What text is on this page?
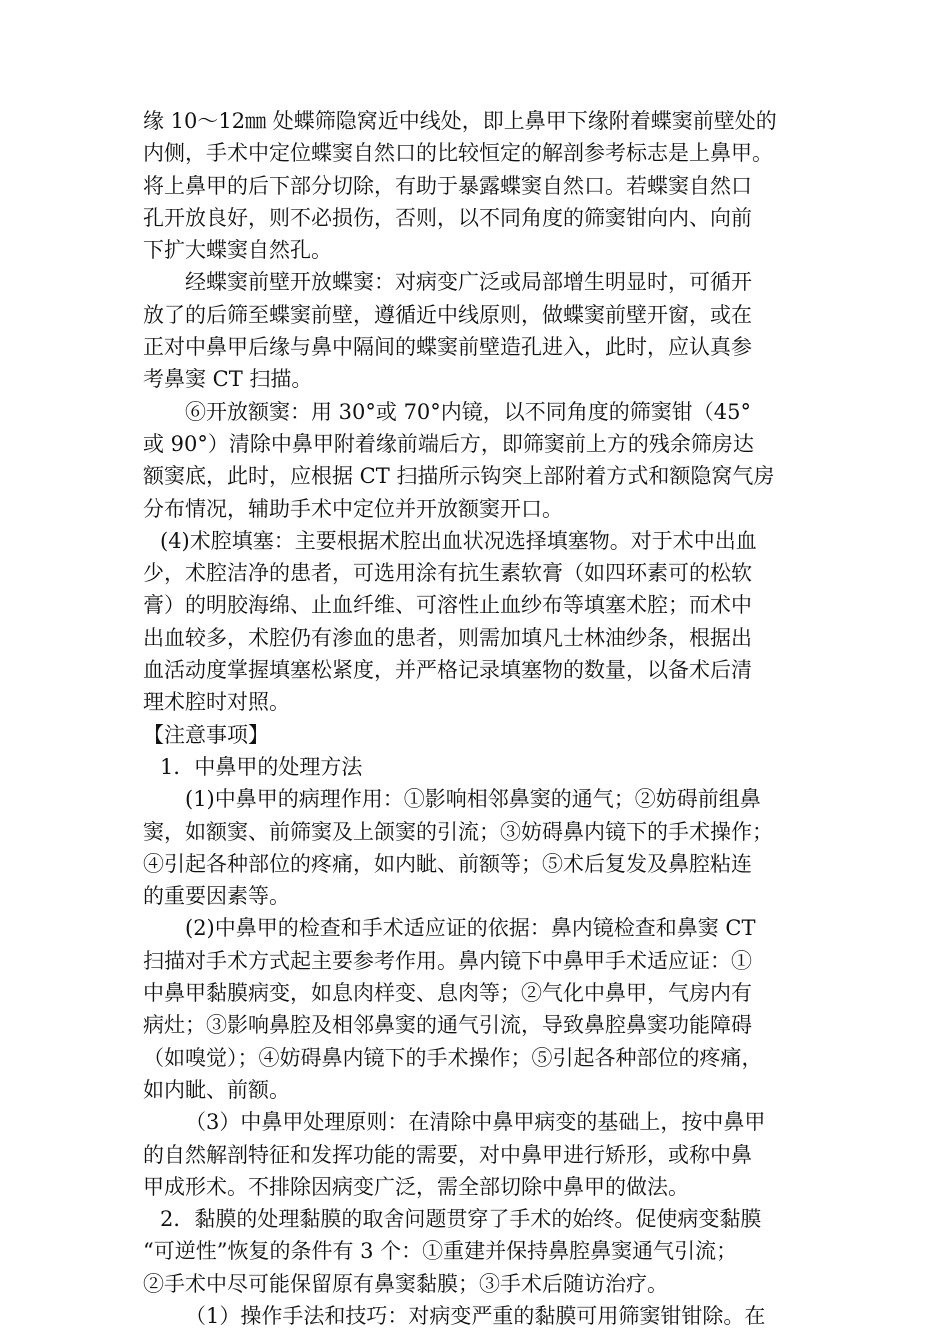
缘 10～12㎜ 处蝶筛隐窝近中线处，即上鼻甲下缘附着蝶窦前壁处的
内侧，手术中定位蝶窦自然口的比较恒定的解剖参考标志是上鼻甲。
将上鼻甲的后下部分切除，有助于暴露蝶窦自然口。若蝶窦自然口
孔开放良好，则不必损伤，否则，以不同角度的筛窦钳向内、向前
下扩大蝶窦自然孔。
经蝶窦前壁开放蝶窦：对病变广泛或局部增生明显时，可循开
放了的后筛至蝶窦前壁，遵循近中线原则，做蝶窦前壁开窗，或在
正对中鼻甲后缘与鼻中隔间的蝶窦前壁造孔进入，此时，应认真参
考鼻窦 CT 扫描。
⑥开放额窦：用 30°或 70°内镜，以不同角度的筛窦钳（45°
或 90°）清除中鼻甲附着缘前端后方，即筛窦前上方的残余筛房达
额窦底，此时，应根据 CT 扫描所示钩突上部附着方式和额隐窝气房
分布情况，辅助手术中定位并开放额窦开口。
(4)术腔填塞：主要根据术腔出血状况选择填塞物。对于术中出血
少，术腔洁净的患者，可选用涂有抗生素软膏（如四环素可的松软
膏）的明胶海绵、止血纤维、可溶性止血纱布等填塞术腔；而术中
出血较多，术腔仍有渗血的患者，则需加填凡士林油纱条，根据出
血活动度掌握填塞松紧度，并严格记录填塞物的数量，以备术后清
理术腔时对照。
【注意事项】
1．中鼻甲的处理方法
(1)中鼻甲的病理作用：①影响相邻鼻窦的通气；②妨碍前组鼻
窦，如额窦、前筛窦及上颌窦的引流；③妨碍鼻内镜下的手术操作；
④引起各种部位的疼痛，如内眦、前额等；⑤术后复发及鼻腔粘连
的重要因素等。
(2)中鼻甲的检查和手术适应证的依据：鼻内镜检查和鼻窦 CT
扫描对手术方式起主要参考作用。鼻内镜下中鼻甲手术适应证：①
中鼻甲黏膜病变，如息肉样变、息肉等；②气化中鼻甲，气房内有
病灶；③影响鼻腔及相邻鼻窦的通气引流，导致鼻腔鼻窦功能障碍
（如嗅觉）；④妨碍鼻内镜下的手术操作；⑤引起各种部位的疼痛，
如内眦、前额。
（3）中鼻甲处理原则：在清除中鼻甲病变的基础上，按中鼻甲
的自然解剖特征和发挥功能的需要，对中鼻甲进行矫形，或称中鼻
甲成形术。不排除因病变广泛，需全部切除中鼻甲的做法。
2．黏膜的处理黏膜的取舍问题贯穿了手术的始终。促使病变黏膜
“可逆性”恢复的条件有 3 个：①重建并保持鼻腔鼻窦通气引流；
②手术中尽可能保留原有鼻窦黏膜；③手术后随访治疗。
（1）操作手法和技巧：对病变严重的黏膜可用筛窦钳钳除。在
